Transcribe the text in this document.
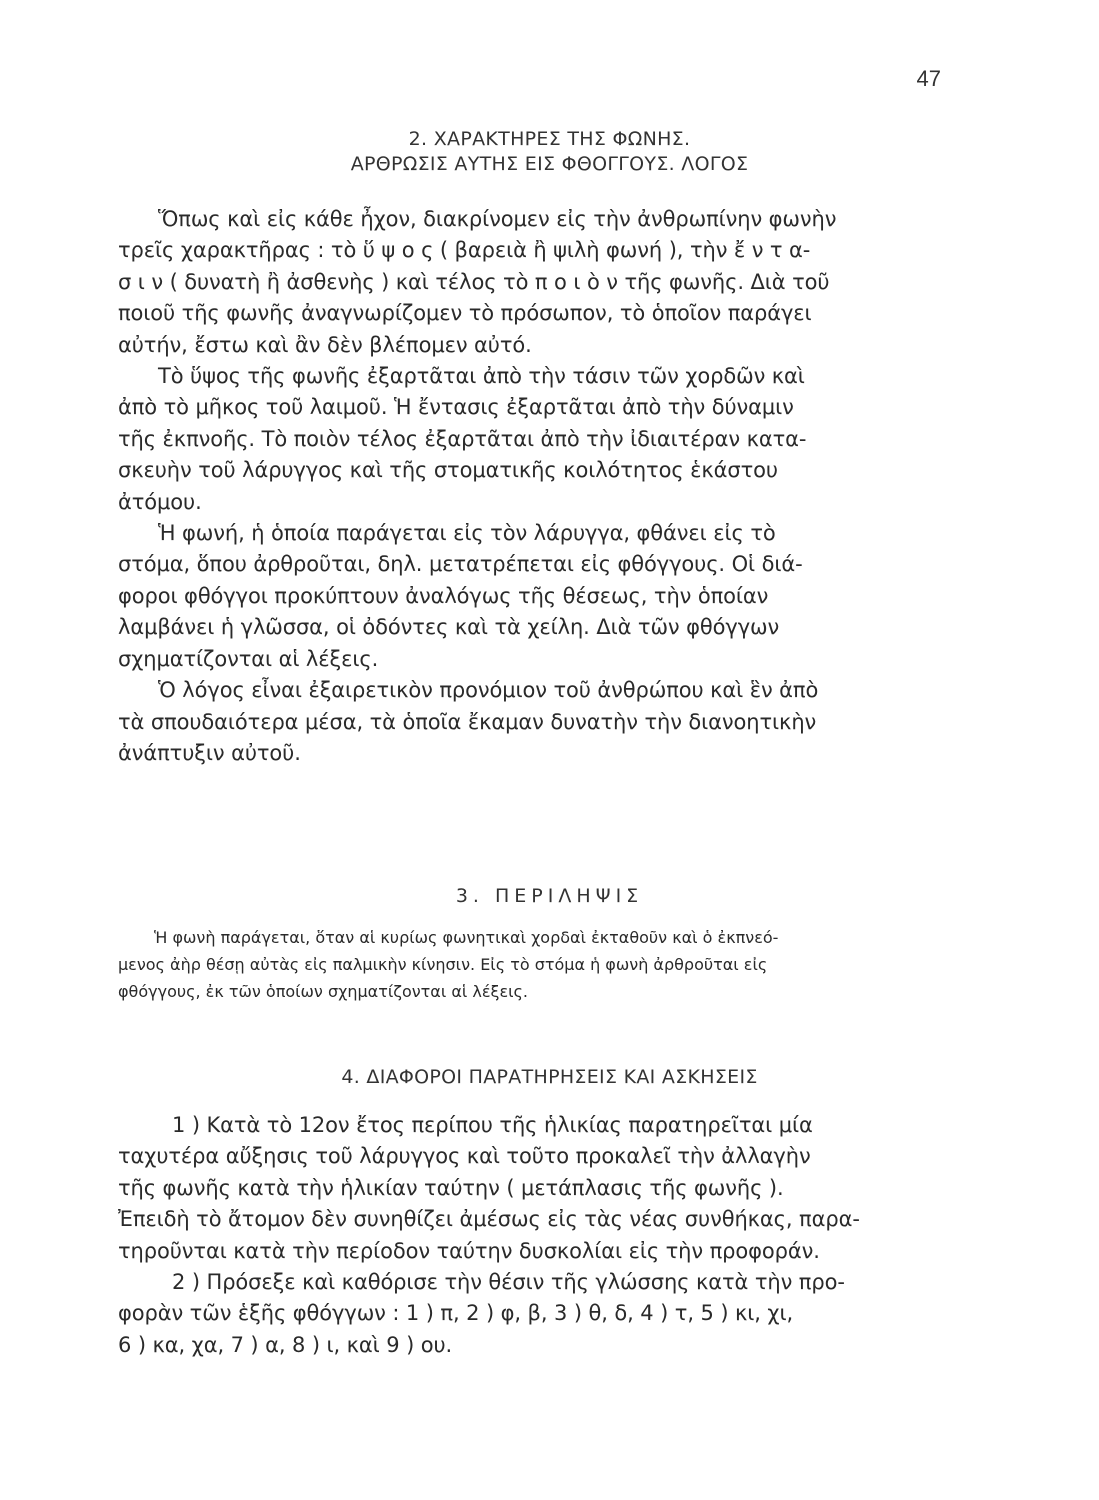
47
2. ΧΑΡΑΚΤΗΡΕΣ ΤΗΣ ΦΩΝΗΣ.
ΑΡΘΡΩΣΙΣ ΑΥΤΗΣ ΕΙΣ ΦΘΟΓΓΟΥΣ. ΛΟΓΟΣ
Ὅπως καὶ εἰς κάθε ἦχον, διακρίνομεν εἰς τὴν ἀνθρωπίνην φωνὴν
τρεῖς χαρακτῆρας : τὸ ὕ ψ ο ς ( βαρειὰ ἢ ψιλὴ φωνή ), τὴν ἔ ν τ α-
σ ι ν ( δυνατὴ ἢ ἀσθενὴς ) καὶ τέλος τὸ π ο ι ὸ ν τῆς φωνῆς. Διὰ τοῦ
ποιοῦ τῆς φωνῆς ἀναγνωρίζομεν τὸ πρόσωπον, τὸ ὁποῖον παράγει
αὐτήν, ἔστω καὶ ἂν δὲν βλέπομεν αὐτό.
Τὸ ὕψος τῆς φωνῆς ἐξαρτᾶται ἀπὸ τὴν τάσιν τῶν χορδῶν καὶ
ἀπὸ τὸ μῆκος τοῦ λαιμοῦ. Ἡ ἔντασις ἐξαρτᾶται ἀπὸ τὴν δύναμιν
τῆς ἐκπνοῆς. Τὸ ποιὸν τέλος ἐξαρτᾶται ἀπὸ τὴν ἰδιαιτέραν κατα-
σκευὴν τοῦ λάρυγγος καὶ τῆς στοματικῆς κοιλότητος ἑκάστου
ἀτόμου.
Ἡ φωνή, ἡ ὁποία παράγεται εἰς τὸν λάρυγγα, φθάνει εἰς τὸ
στόμα, ὅπου ἀρθροῦται, δηλ. μετατρέπεται εἰς φθόγγους. Οἱ διά-
φοροι φθόγγοι προκύπτουν ἀναλόγως τῆς θέσεως, τὴν ὁποίαν
λαμβάνει ἡ γλῶσσα, οἱ ὀδόντες καὶ τὰ χείλη. Διὰ τῶν φθόγγων
σχηματίζονται αἱ λέξεις.
Ὁ λόγος εἶναι ἐξαιρετικὸν προνόμιον τοῦ ἀνθρώπου καὶ ἓν ἀπὸ
τὰ σπουδαιότερα μέσα, τὰ ὁποῖα ἔκαμαν δυνατὴν τὴν διανοητικὴν
ἀνάπτυξιν αὐτοῦ.
3. ΠΕΡΙΛΗΨΙΣ
Ἡ φωνὴ παράγεται, ὅταν αἱ κυρίως φωνητικαὶ χορδαὶ ἐκταθοῦν καὶ ὁ ἐκπνεό-
μενος ἀὴρ θέσῃ αὐτὰς εἰς παλμικὴν κίνησιν. Εἰς τὸ στόμα ἡ φωνὴ ἀρθροῦται εἰς
φθόγγους, ἐκ τῶν ὁποίων σχηματίζονται αἱ λέξεις.
4. ΔΙΑΦΟΡΟΙ ΠΑΡΑΤΗΡΗΣΕΙΣ ΚΑΙ ΑΣΚΗΣΕΙΣ
1 ) Κατὰ τὸ 12ον ἔτος περίπου τῆς ἡλικίας παρατηρεῖται μία
ταχυτέρα αὔξησις τοῦ λάρυγγος καὶ τοῦτο προκαλεῖ τὴν ἀλλαγὴν
τῆς φωνῆς κατὰ τὴν ἡλικίαν ταύτην ( μετάπλασις τῆς φωνῆς ).
Ἐπειδὴ τὸ ἄτομον δὲν συνηθίζει ἀμέσως εἰς τὰς νέας συνθήκας, παρα-
τηροῦνται κατὰ τὴν περίοδον ταύτην δυσκολίαι εἰς τὴν προφοράν.
2 ) Πρόσεξε καὶ καθόρισε τὴν θέσιν τῆς γλώσσης κατὰ τὴν προ-
φορὰν τῶν ἑξῆς φθόγγων : 1 ) π, 2 ) φ, β, 3 ) θ, δ, 4 ) τ, 5 ) κι, χι,
6 ) κα, χα, 7 ) α, 8 ) ι, καὶ 9 ) ου.
